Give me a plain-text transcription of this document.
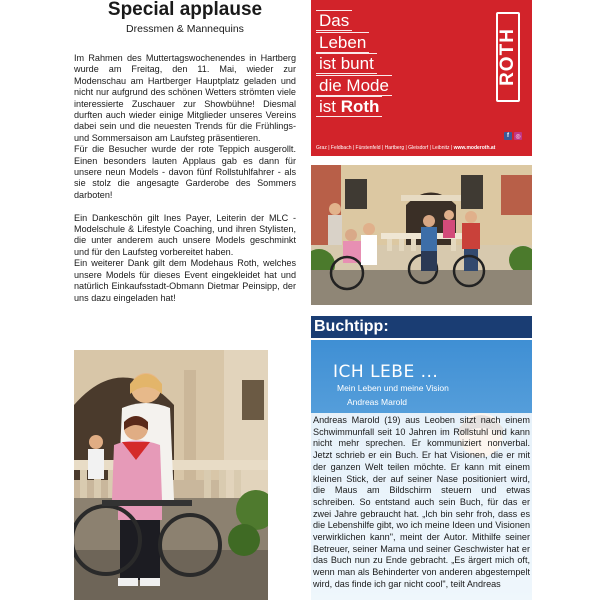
Special applause
Dressmen & Mannequins

Im Rahmen des Muttertagswochenendes in Hartberg wurde am Freitag, den 11. Mai, wieder zur Modenschau am Hartberger Hauptplatz geladen und nicht nur aufgrund des schönen Wetters strömten viele interessierte Zuschauer zur Showbühne! Diesmal durften auch wieder einige Mitglieder unseres Vereins dabei sein und die neuesten Trends für die Frühlings- und Sommersaison am Laufsteg präsentieren.

Für die Besucher wurde der rote Teppich ausgerollt. Einen besonders lauten Applaus gab es dann für unsere neun Models - davon fünf Rollstuhlfahrer - als sie stolz die angesagte Garderobe des Sommers darboten!

Ein Dankeschön gilt Ines Payer, Leiterin der MLC - Modelschule & Lifestyle Coaching, und ihren Stylisten, die unter anderem auch unsere Models geschminkt und für den Laufsteg vorbereitet haben.

Ein weiterer Dank gilt dem Modehaus Roth, welches unsere Models für dieses Event eingekleidet hat und natürlich Einkaufsstadt-Obmann Dietmar Peinsipp, der uns dazu eingeladen hat!

Das
Leben
ist bunt
die Mode
ist Roth
ROTH
f	◎
Graz | Feldbach | Fürstenfeld | Hartberg | Gleisdorf | Leibnitz | www.moderoth.at
Buchtipp:
ICH LEBE ...
Mein Leben und meine Vision
Andreas Marold
Andreas Marold (19) aus Leoben sitzt nach einem Schwimmunfall seit 10 Jahren im Rollstuhl und kann nicht mehr sprechen. Er kommuniziert nonverbal. Jetzt schrieb er ein Buch. Er hat Visionen, die er mit der ganzen Welt teilen möchte. Er kann mit einem kleinen Stick, der auf seiner Nase positioniert wird, die Maus am Bildschirm steuern und etwas schreiben. So entstand auch sein Buch, für das er zwei Jahre gebraucht hat. „Ich bin sehr froh, dass es die Lebenshilfe gibt, wo ich meine Ideen und Visionen verwirklichen kann", meint der Autor. Mithilfe seiner Betreuer, seiner Mama und seiner Geschwister hat er das Buch nun zu Ende gebracht. „Es ärgert mich oft, wenn man als Behinderter von anderen abgestempelt wird, das finde ich gar nicht cool", teilt Andreas
